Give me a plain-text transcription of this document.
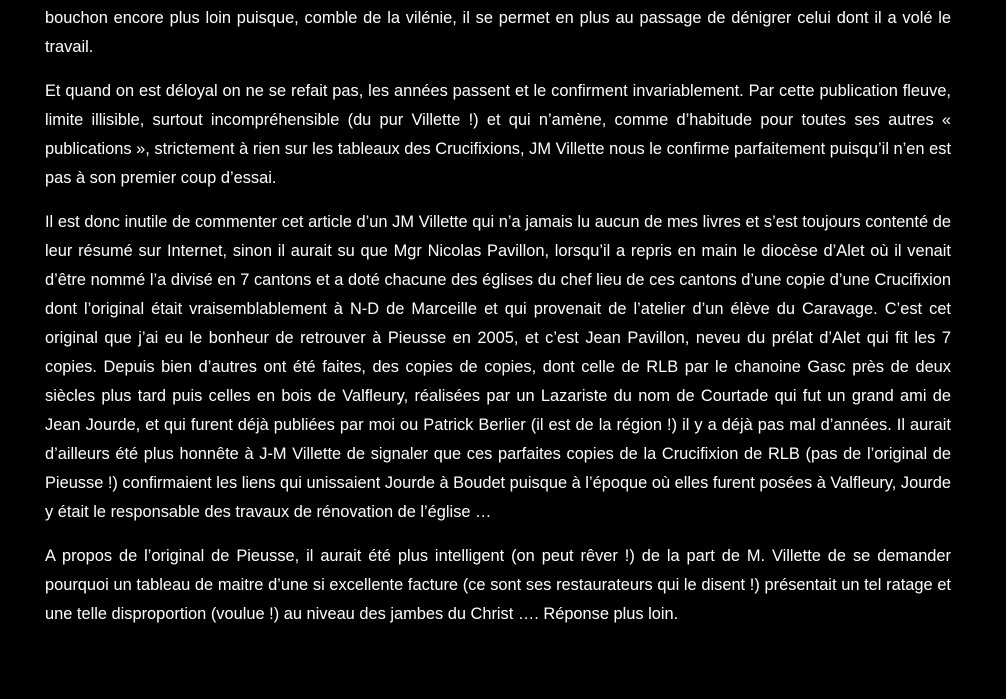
bouchon encore plus loin puisque, comble de la vilénie, il se permet en plus au passage de dénigrer celui dont il a volé le travail.

Et quand on est déloyal on ne se refait pas, les années passent et le confirment invariablement. Par cette publication fleuve, limite illisible, surtout incompréhensible (du pur Villette !) et qui n’amène, comme d’habitude pour toutes ses autres « publications », strictement à rien sur les tableaux des Crucifixions, JM Villette nous le confirme parfaitement puisqu’il n’en est pas à son premier coup d’essai.

Il est donc inutile de commenter cet article d’un JM Villette qui n’a jamais lu aucun de mes livres et s’est toujours contenté de leur résumé sur Internet, sinon il aurait su que Mgr Nicolas Pavillon, lorsqu’il a repris en main le diocèse d’Alet où il venait d’être nommé l’a divisé en 7 cantons et a doté chacune des églises du chef lieu de ces cantons d’une copie d’une Crucifixion dont l’original était vraisemblablement à N-D de Marceille et qui provenait de l’atelier d’un élève du Caravage. C’est cet original que j’ai eu le bonheur de retrouver à Pieusse en 2005, et c’est Jean Pavillon, neveu du prélat d’Alet qui fit les 7 copies. Depuis bien d’autres ont été faites, des copies de copies, dont celle de RLB par le chanoine Gasc près de deux siècles plus tard puis celles en bois de Valfleury, réalisées par un Lazariste du nom de Courtade qui fut un grand ami de Jean Jourde, et qui furent déjà publiées par moi ou Patrick Berlier (il est de la région !) il y a déjà pas mal d’années. Il aurait d’ailleurs été plus honnête à J-M Villette de signaler que ces parfaites copies de la Crucifixion de RLB (pas de l’original de Pieusse !) confirmaient les liens qui unissaient Jourde à Boudet puisque à l’époque où elles furent posées à Valfleury, Jourde y était le responsable des travaux de rénovation de l’église …

A propos de l’original de Pieusse, il aurait été plus intelligent (on peut rêver !) de la part de M. Villette de se demander pourquoi un tableau de maitre d’une si excellente facture (ce sont ses restaurateurs qui le disent !) présentait un tel ratage et une telle disproportion (voulue !) au niveau des jambes du Christ …. Réponse plus loin.
